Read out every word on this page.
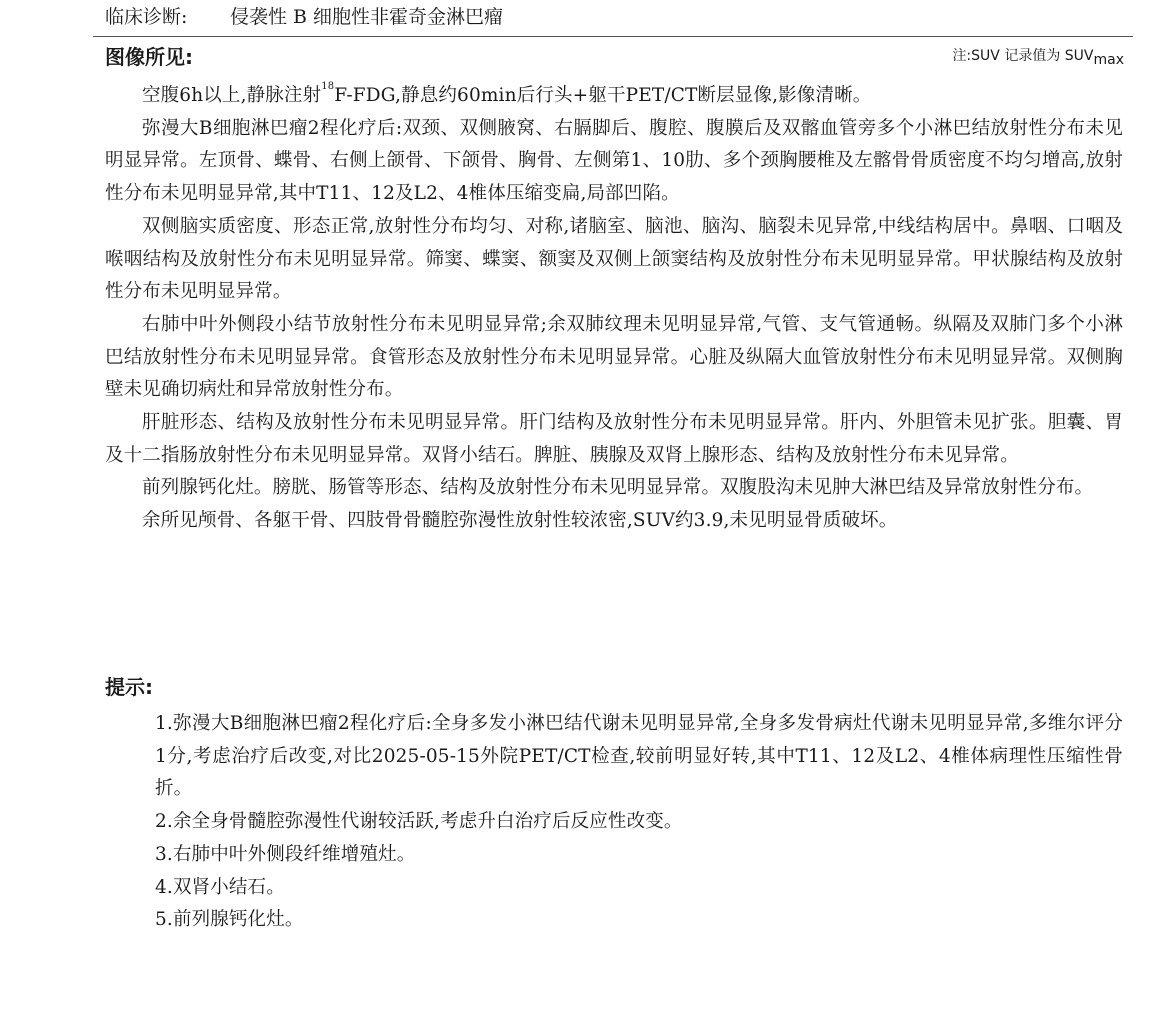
临床诊断: 侵袭性 B 细胞性非霍奇金淋巴瘤
图像所见:	注:SUV 记录值为 $SUV_{max}$

空腹6h以上,静脉注射$^{18}$F-FDG,静息约60min后行头+躯干PET/CT断层显像,影像清晰。

弥漫大B细胞淋巴瘤2程化疗后:双颈、双侧腋窝、右膈脚后、腹腔、腹膜后及双髂血管旁多个小淋巴结放射性分布未见明显异常。左顶骨、蝶骨、右侧上颌骨、下颌骨、胸骨、左侧第1、10肋、多个颈胸腰椎及左髂骨骨质密度不均匀增高,放射性分布未见明显异常,其中T11、12及L2、4椎体压缩变扁,局部凹陷。

双侧脑实质密度、形态正常,放射性分布均匀、对称,诸脑室、脑池、脑沟、脑裂未见异常,中线结构居中。鼻咽、口咽及喉咽结构及放射性分布未见明显异常。筛窦、蝶窦、额窦及双侧上颌窦结构及放射性分布未见明显异常。甲状腺结构及放射性分布未见明显异常。

右肺中叶外侧段小结节放射性分布未见明显异常;余双肺纹理未见明显异常,气管、支气管通畅。纵隔及双肺门多个小淋巴结放射性分布未见明显异常。食管形态及放射性分布未见明显异常。心脏及纵隔大血管放射性分布未见明显异常。双侧胸壁未见确切病灶和异常放射性分布。

肝脏形态、结构及放射性分布未见明显异常。肝门结构及放射性分布未见明显异常。肝内、外胆管未见扩张。胆囊、胃及十二指肠放射性分布未见明显异常。双肾小结石。脾脏、胰腺及双肾上腺形态、结构及放射性分布未见异常。

前列腺钙化灶。膀胱、肠管等形态、结构及放射性分布未见明显异常。双腹股沟未见肿大淋巴结及异常放射性分布。

余所见颅骨、各躯干骨、四肢骨骨髓腔弥漫性放射性较浓密,SUV约3.9,未见明显骨质破坏。

提示:

1.弥漫大B细胞淋巴瘤2程化疗后:全身多发小淋巴结代谢未见明显异常,全身多发骨病灶代谢未见明显异常,多维尔评分1分,考虑治疗后改变,对比2025-05-15外院PET/CT检查,较前明显好转,其中T11、12及L2、4椎体病理性压缩性骨折。

2.余全身骨髓腔弥漫性代谢较活跃,考虑升白治疗后反应性改变。

3.右肺中叶外侧段纤维增殖灶。

4.双肾小结石。

5.前列腺钙化灶。
